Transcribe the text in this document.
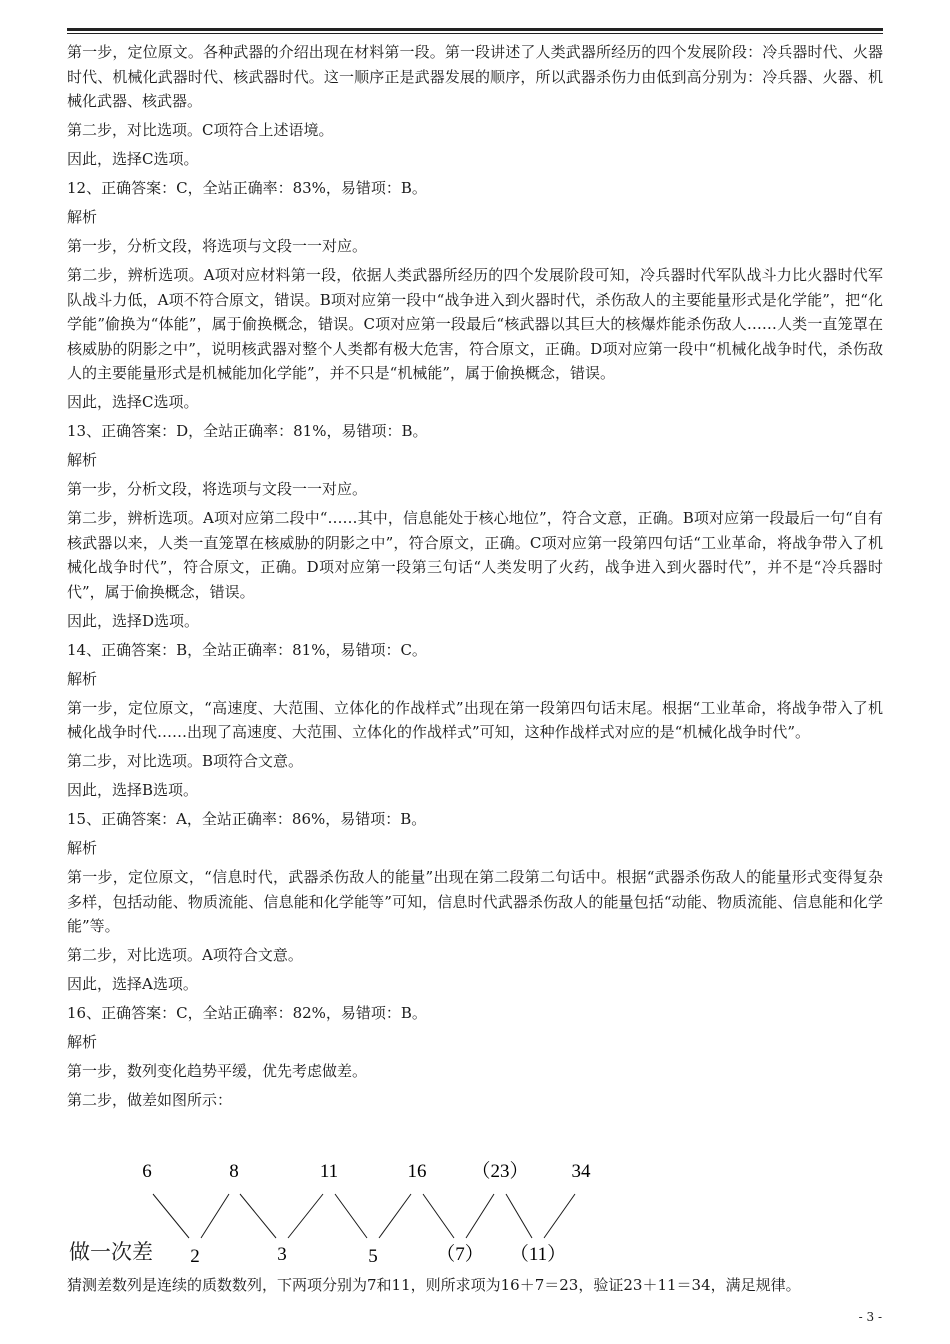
第一步，定位原文。各种武器的介绍出现在材料第一段。第一段讲述了人类武器所经历的四个发展阶段：冷兵器时代、火器时代、机械化武器时代、核武器时代。这一顺序正是武器发展的顺序，所以武器杀伤力由低到高分别为：冷兵器、火器、机械化武器、核武器。

第二步，对比选项。C项符合上述语境。

因此，选择C选项。

12、正确答案：C，全站正确率：83%，易错项：B。

解析

第一步，分析文段，将选项与文段一一对应。

第二步，辨析选项。A项对应材料第一段，依据人类武器所经历的四个发展阶段可知，冷兵器时代军队战斗力比火器时代军队战斗力低，A项不符合原文，错误。B项对应第一段中“战争进入到火器时代，杀伤敌人的主要能量形式是化学能”，把“化学能”偷换为“体能”，属于偷换概念，错误。C项对应第一段最后“核武器以其巨大的核爆炸能杀伤敌人……人类一直笼罩在核威胁的阴影之中”，说明核武器对整个人类都有极大危害，符合原文，正确。D项对应第一段中“机械化战争时代，杀伤敌人的主要能量形式是机械能加化学能”，并不只是“机械能”，属于偷换概念，错误。

因此，选择C选项。

13、正确答案：D，全站正确率：81%，易错项：B。

解析

第一步，分析文段，将选项与文段一一对应。

第二步，辨析选项。A项对应第二段中“……其中，信息能处于核心地位”，符合文意，正确。B项对应第一段最后一句“自有核武器以来，人类一直笼罩在核威胁的阴影之中”，符合原文，正确。C项对应第一段第四句话“工业革命，将战争带入了机械化战争时代”，符合原文，正确。D项对应第一段第三句话“人类发明了火药，战争进入到火器时代”，并不是“冷兵器时代”，属于偷换概念，错误。

因此，选择D选项。

14、正确答案：B，全站正确率：81%，易错项：C。

解析

第一步，定位原文，“高速度、大范围、立体化的作战样式”出现在第一段第四句话末尾。根据“工业革命，将战争带入了机械化战争时代……出现了高速度、大范围、立体化的作战样式”可知，这种作战样式对应的是“机械化战争时代”。

第二步，对比选项。B项符合文意。

因此，选择B选项。

15、正确答案：A，全站正确率：86%，易错项：B。

解析

第一步，定位原文，“信息时代，武器杀伤敌人的能量”出现在第二段第二句话中。根据“武器杀伤敌人的能量形式变得复杂多样，包括动能、物质流能、信息能和化学能等”可知，信息时代武器杀伤敌人的能量包括“动能、物质流能、信息能和化学能”等。

第二步，对比选项。A项符合文意。

因此，选择A选项。

16、正确答案：C，全站正确率：82%，易错项：B。

解析

第一步，数列变化趋势平缓，优先考虑做差。

第二步，做差如图所示：

做一次差
6	8	11	16 （23） 34
2	3	5	（7） （11）
猜测差数列是连续的质数数列，下两项分别为7和11，则所求项为16＋7＝23，验证23＋11＝34，满足规律。
- 3 -
